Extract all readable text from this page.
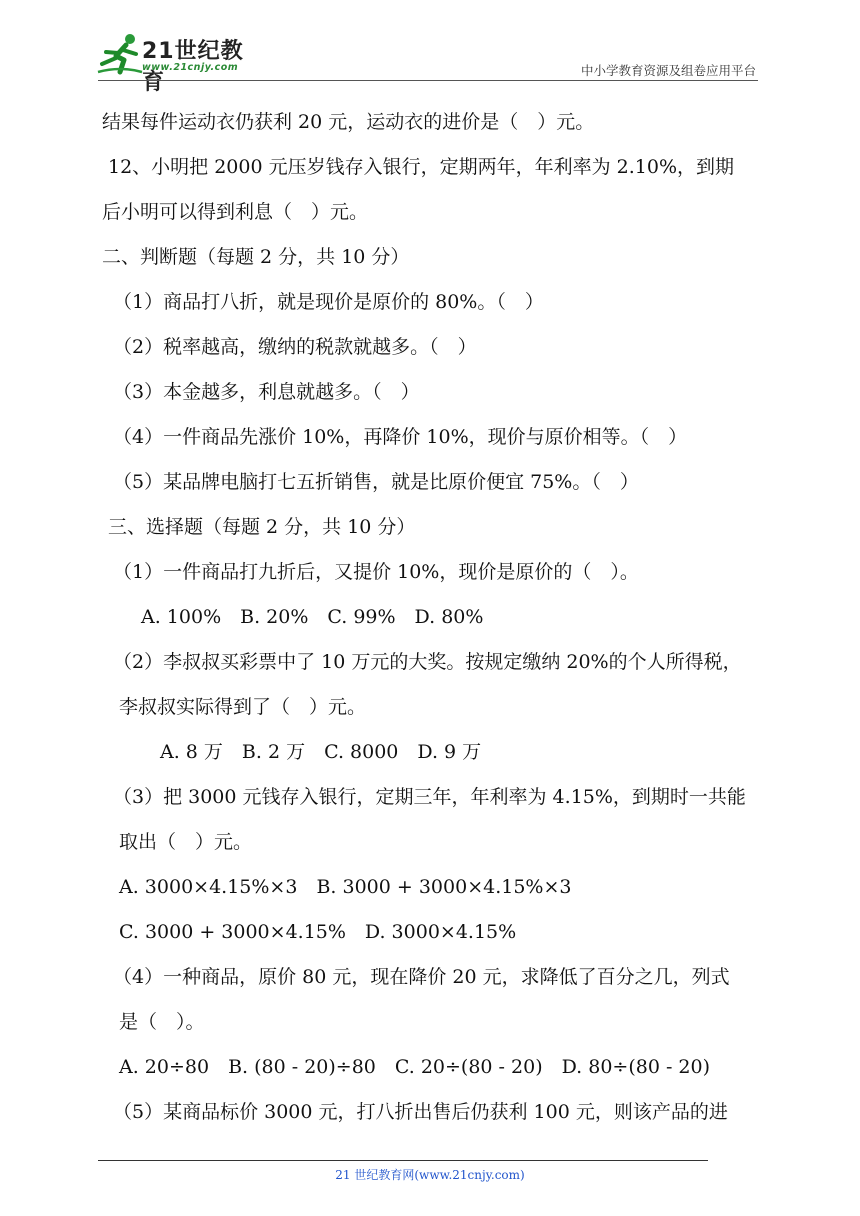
21世纪教育
www.21cnjy.com	中小学教育资源及组卷应用平台
结果每件运动衣仍获利 20 元，运动衣的进价是（　）元。
12、小明把 2000 元压岁钱存入银行，定期两年，年利率为 2.10%，到期
后小明可以得到利息（　）元。
二、判断题（每题 2 分，共 10 分）
（1）商品打八折，就是现价是原价的 80%。（　）
（2）税率越高，缴纳的税款就越多。（　）
（3）本金越多，利息就越多。（　）
（4）一件商品先涨价 10%，再降价 10%，现价与原价相等。（　）
（5）某品牌电脑打七五折销售，就是比原价便宜 75%。（　）
三、选择题（每题 2 分，共 10 分）
（1）一件商品打九折后，又提价 10%，现价是原价的（　）。
A. 100%　B. 20%　C. 99%　D. 80%
（2）李叔叔买彩票中了 10 万元的大奖。按规定缴纳 20%的个人所得税，
李叔叔实际得到了（　）元。
A. 8 万　B. 2 万　C. 8000　D. 9 万
（3）把 3000 元钱存入银行，定期三年，年利率为 4.15%，到期时一共能
取出（　）元。
A. 3000×4.15%×3　B. 3000 + 3000×4.15%×3
C. 3000 + 3000×4.15%　D. 3000×4.15%
（4）一种商品，原价 80 元，现在降价 20 元，求降低了百分之几，列式
是（　）。
A. 20÷80　B. (80 - 20)÷80　C. 20÷(80 - 20)　D. 80÷(80 - 20)
（5）某商品标价 3000 元，打八折出售后仍获利 100 元，则该产品的进
21 世纪教育网(www.21cnjy.com)
